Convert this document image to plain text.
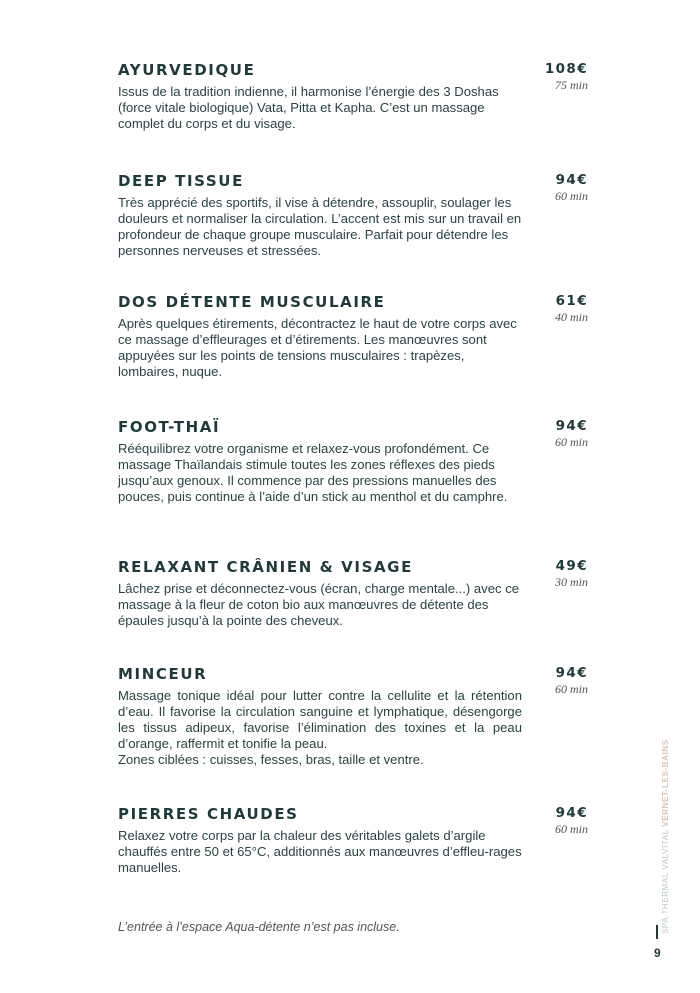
AYURVEDIQUE	108€
75 min

Issus de la tradition indienne, il harmonise l’énergie des 3 Doshas (force vitale biologique) Vata, Pitta et Kapha. C’est un massage complet du corps et du visage.

DEEP TISSUE	94€
60 min

Très apprécié des sportifs, il vise à détendre, assouplir, soulager les douleurs et normaliser la circulation. L’accent est mis sur un travail en profondeur de chaque groupe musculaire. Parfait pour détendre les personnes nerveuses et stressées.

DOS DÉTENTE MUSCULAIRE	61€
40 min

Après quelques étirements, décontractez le haut de votre corps avec ce massage d’effleurages et d’étirements. Les manœuvres sont appuyées sur les points de tensions musculaires : trapèzes, lombaires, nuque.

FOOT-THAÏ	94€
60 min

Rééquilibrez votre organisme et relaxez-vous profondément. Ce massage Thaïlandais stimule toutes les zones réflexes des pieds jusqu’aux genoux. Il commence par des pressions manuelles des pouces, puis continue à l’aide d’un stick au menthol et du camphre.

RELAXANT CRÂNIEN & VISAGE	49€
30 min

Lâchez prise et déconnectez-vous (écran, charge mentale...) avec ce massage à la fleur de coton bio aux manœuvres de détente des épaules jusqu’à la pointe des cheveux.

MINCEUR	94€
60 min

Massage tonique idéal pour lutter contre la cellulite et la rétention d’eau. Il favorise la circulation sanguine et lymphatique, désengorge les tissus adipeux, favorise l’élimination des toxines et la peau d’orange, raffermit et tonifie la peau.

Zones ciblées : cuisses, fesses, bras, taille et ventre.

PIERRES CHAUDES	94€
60 min

Relaxez votre corps par la chaleur des véritables galets d’argile chauffés entre 50 et 65°C, additionnés aux manœuvres d’effleu-rages manuelles.

L’entrée à l’espace Aqua-détente n’est pas incluse.	SPA THERMAL VALVITAL VERNET-LES-BAINS
9
